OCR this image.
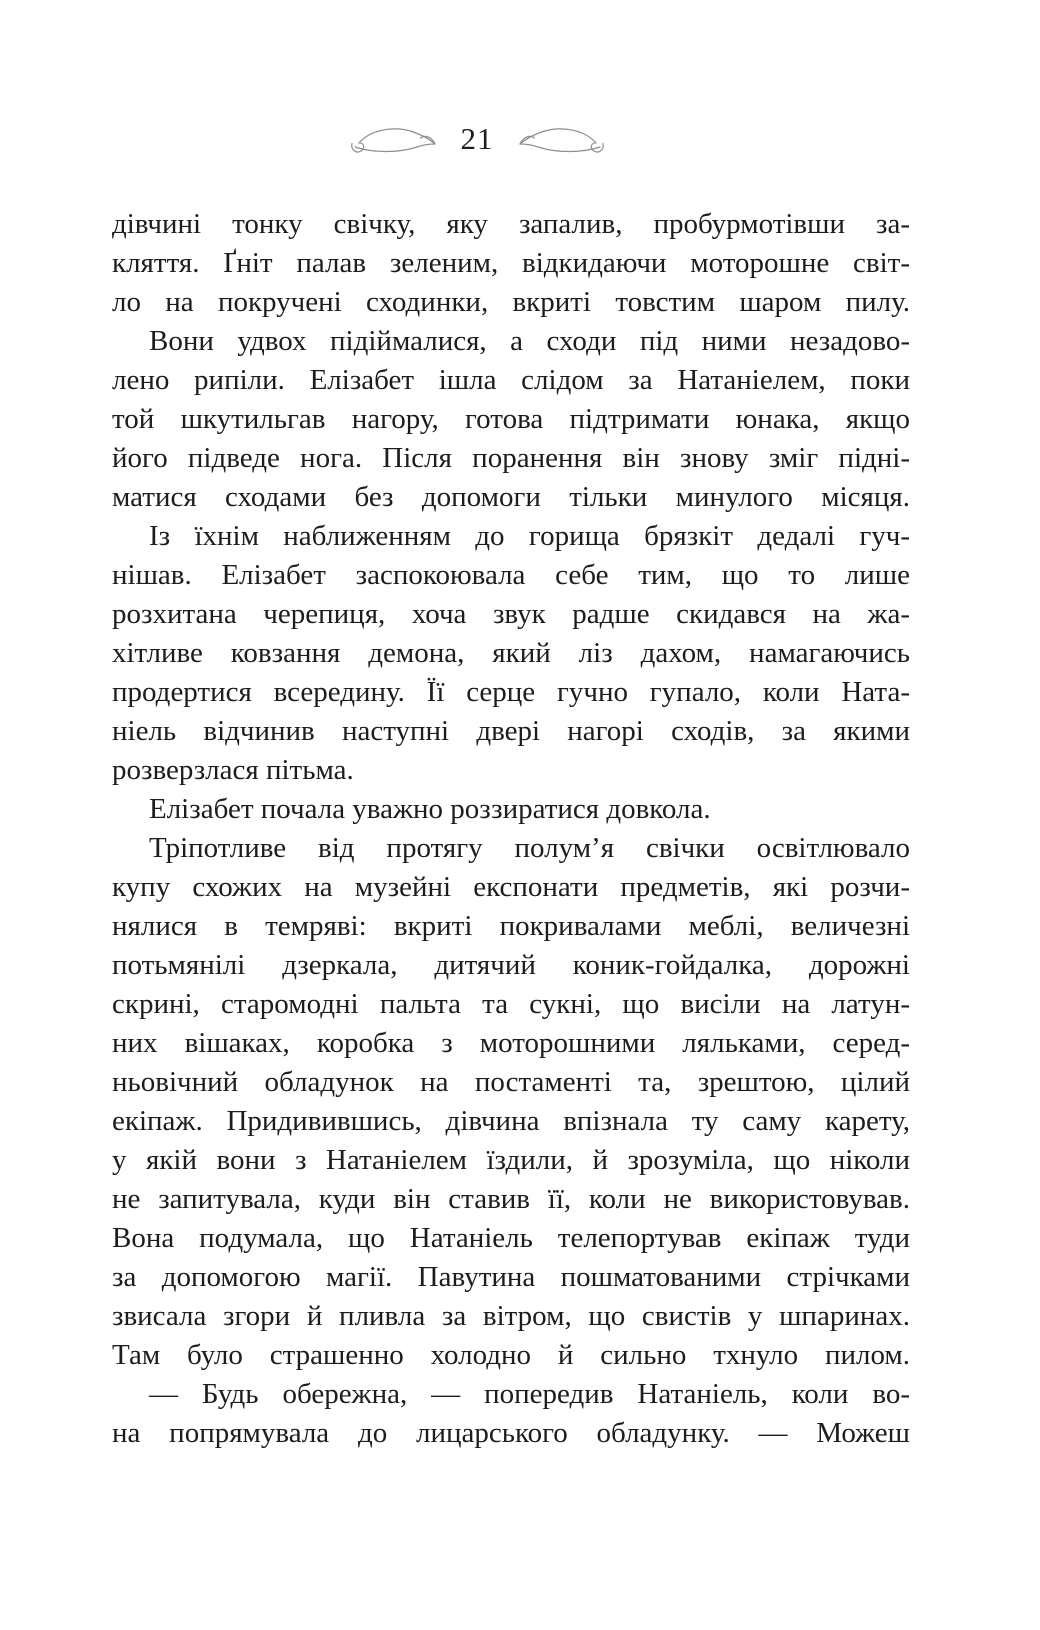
21
дівчині тонку свічку, яку запалив, пробурмотівши за-
кляття. Ґніт палав зеленим, відкидаючи моторошне світ-
ло на покручені сходинки, вкриті товстим шаром пилу.
Вони удвох підіймалися, а сходи під ними незадово-
лено рипіли. Елізабет ішла слідом за Натаніелем, поки
той шкутильгав нагору, готова підтримати юнака, якщо
його підведе нога. Після поранення він знову зміг підні-
матися сходами без допомоги тільки минулого місяця.
Із їхнім наближенням до горища брязкіт дедалі гуч-
нішав. Елізабет заспокоювала себе тим, що то лише
розхитана черепиця, хоча звук радше скидався на жа-
хітливе ковзання демона, який ліз дахом, намагаючись
продертися всередину. Її серце гучно гупало, коли Ната-
ніель відчинив наступні двері нагорі сходів, за якими
розверзлася пітьма.
Елізабет почала уважно роззиратися довкола.
Тріпотливе від протягу полум’я свічки освітлювало
купу схожих на музейні експонати предметів, які розчи-
нялися в темряві: вкриті покривалами меблі, величезні
потьмянілі дзеркала, дитячий коник-гойдалка, дорожні
скрині, старомодні пальта та сукні, що висіли на латун-
них вішаках, коробка з моторошними ляльками, серед-
ньовічний обладунок на постаменті та, зрештою, цілий
екіпаж. Придивившись, дівчина впізнала ту саму карету,
у якій вони з Натаніелем їздили, й зрозуміла, що ніколи
не запитувала, куди він ставив її, коли не використовував.
Вона подумала, що Натаніель телепортував екіпаж туди
за допомогою магії. Павутина пошматованими стрічками
звисала згори й пливла за вітром, що свистів у шпаринах.
Там було страшенно холодно й сильно тхнуло пилом.
— Будь обережна, — попередив Натаніель, коли во-
на попрямувала до лицарського обладунку. — Можеш
